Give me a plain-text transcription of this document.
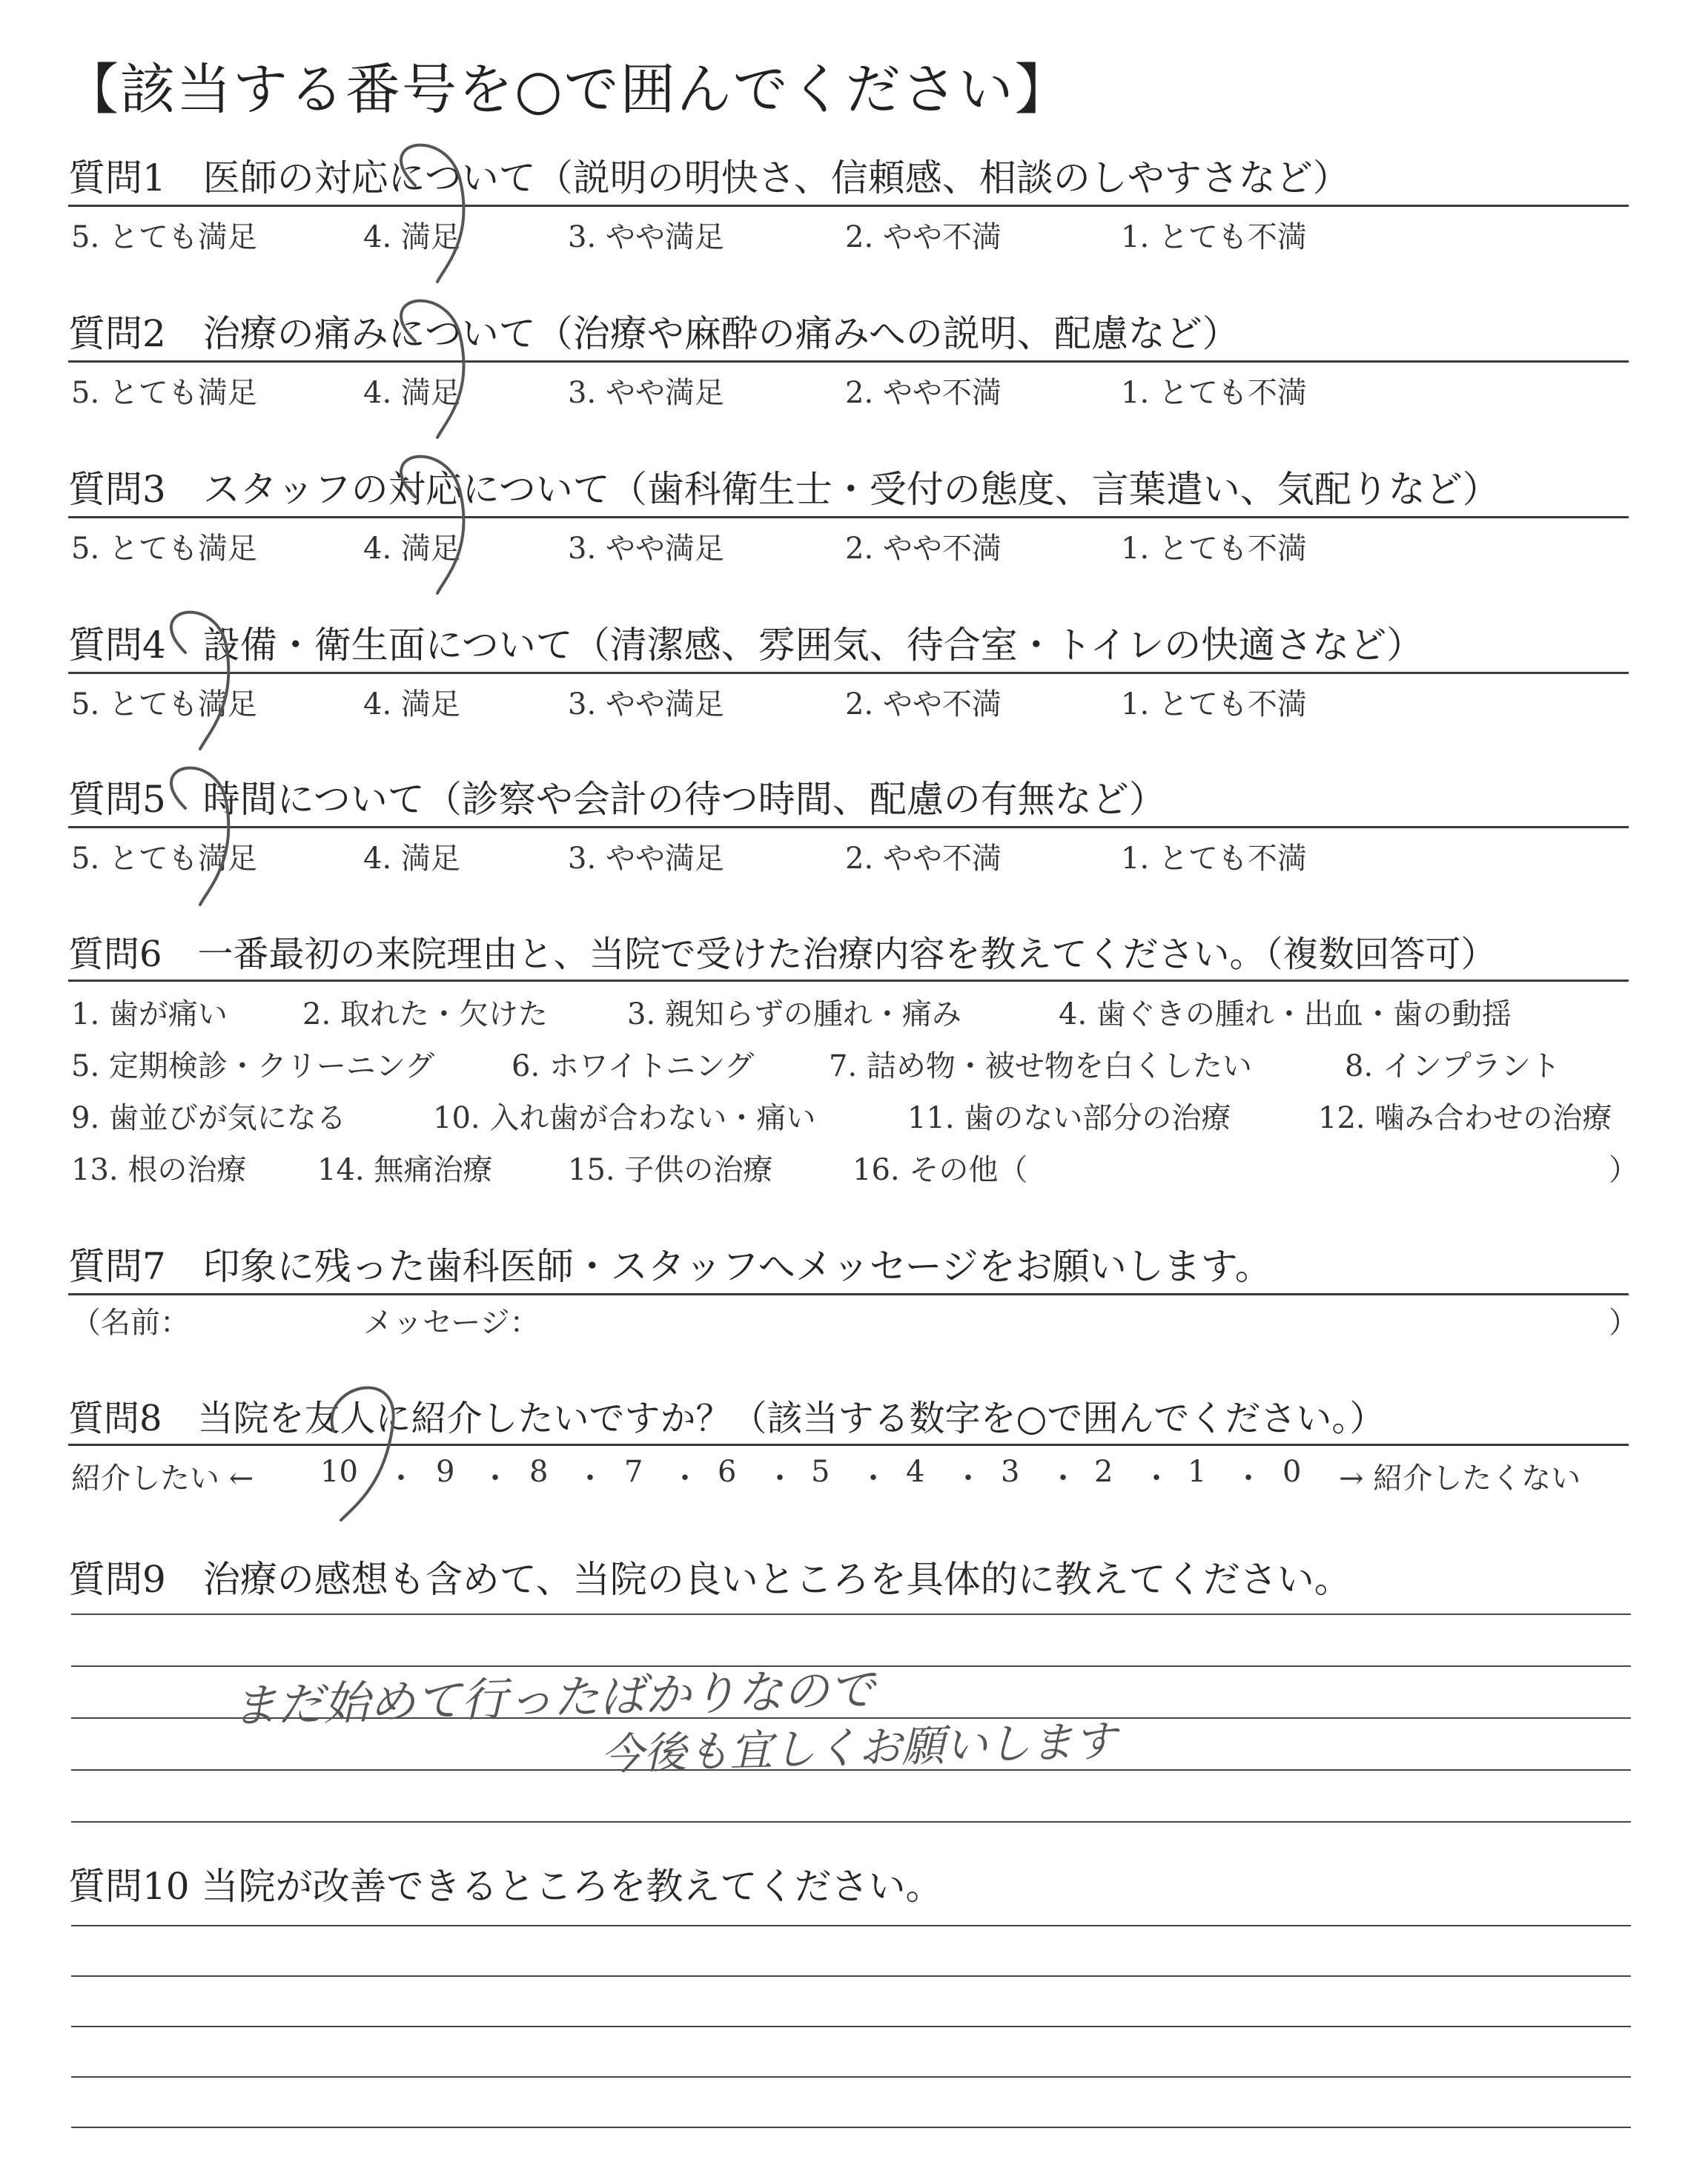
【該当する番号を○で囲んでください】
質問1　医師の対応について（説明の明快さ、信頼感、相談のしやすさなど）
5. とても満足	4. 満足	3. やや満足	2. やや不満	1. とても不満
質問2　治療の痛みについて（治療や麻酔の痛みへの説明、配慮など）
5. とても満足	4. 満足	3. やや満足	2. やや不満	1. とても不満
質問3　スタッフの対応について（歯科衛生士・受付の態度、言葉遣い、気配りなど）
5. とても満足	4. 満足	3. やや満足	2. やや不満	1. とても不満
質問4　設備・衛生面について（清潔感、雰囲気、待合室・トイレの快適さなど）
5. とても満足	4. 満足	3. やや満足	2. やや不満	1. とても不満
質問5　時間について（診察や会計の待つ時間、配慮の有無など）
5. とても満足	4. 満足	3. やや満足	2. やや不満	1. とても不満
質問6　一番最初の来院理由と、当院で受けた治療内容を教えてください。（複数回答可）
1. 歯が痛い	2. 取れた・欠けた	3. 親知らずの腫れ・痛み	4. 歯ぐきの腫れ・出血・歯の動揺
5. 定期検診・クリーニング	6. ホワイトニング	7. 詰め物・被せ物を白くしたい	8. インプラント
9. 歯並びが気になる	10. 入れ歯が合わない・痛い	11. 歯のない部分の治療	12. 噛み合わせの治療
13. 根の治療 14. 無痛治療	15. 子供の治療	16. その他（	）
質問7　印象に残った歯科医師・スタッフへメッセージをお願いします。
（名前：	メッセージ：	）
質問8　当院を友人に紹介したいですか？（該当する数字を○で囲んでください。）
紹介したい ← 10 ・ 9 ・ 8 ・ 7 ・ 6 ・ 5 ・ 4 ・ 3 ・ 2 ・ 1 ・ 0 → 紹介したくない
質問9　治療の感想も含めて、当院の良いところを具体的に教えてください。
まだ始めて行ったばかりなので
今後も宜しくお願いします
質問10 当院が改善できるところを教えてください。
